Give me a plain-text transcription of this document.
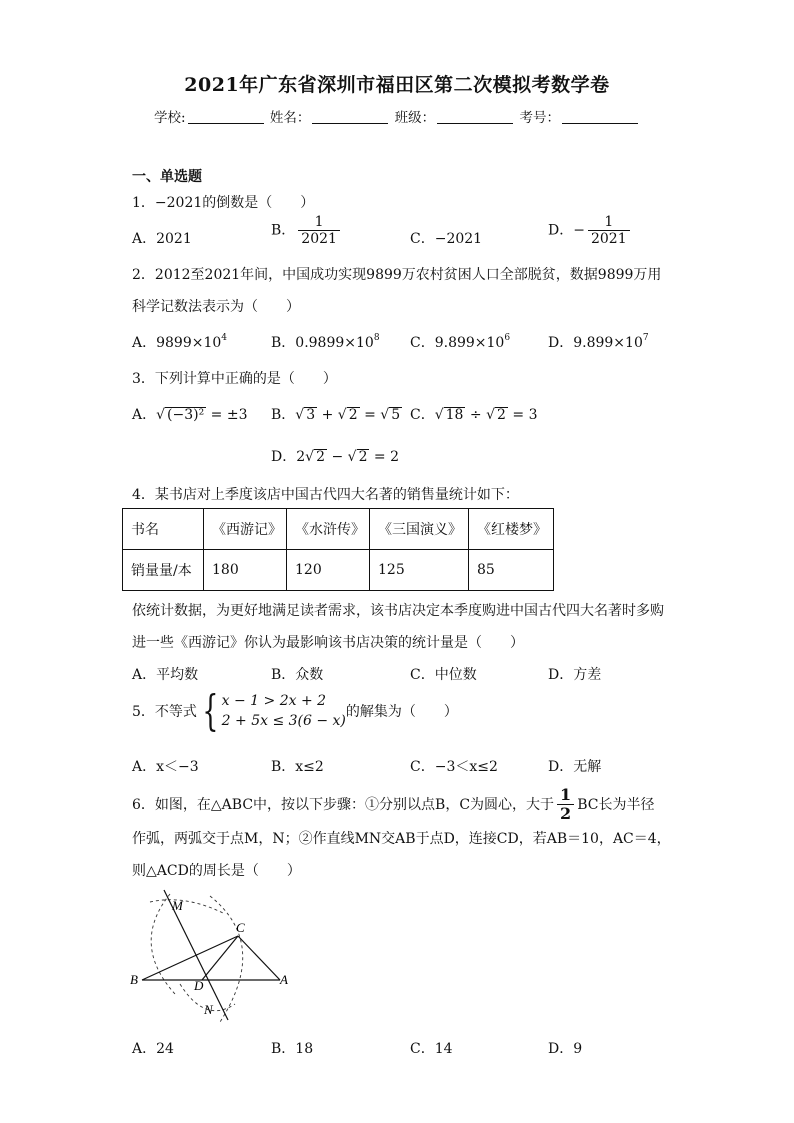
2021年广东省深圳市福田区第二次模拟考数学卷
学校:	姓名：	班级：	考号：
一、单选题
1．−2021的倒数是（　　）
A．2021
B． $\frac{1}{2021}$	C．−2021
D．− $\frac{1}{2021}$
2．2012至2021年间，中国成功实现9899万农村贫困人口全部脱贫，数据9899万用
科学记数法表示为（　　）
A．$9899\times 10^4$	B．$0.9899\times 10^8$ C．$9.899\times 10^6$	D．$9.899\times 10^7$
3．下列计算中正确的是（　　）
A．√ (−3)² = ±3 B．√ 3 + √ 2 = √ 5 C．√ 18 ÷ √ 2 = 3
D．2√ 2 − √ 2 = 2
4．某书店对上季度该店中国古代四大名著的销售量统计如下：
书名	《西游记》	《水浒传》	《三国演义》	《红楼梦》
销量量/本	180	120	125	85
依统计数据，为更好地满足读者需求，该书店决定本季度购进中国古代四大名著时多购
进一些《西游记》你认为最影响该书店决策的统计量是（　　）
A．平均数	B．众数	C．中位数	D．方差
5．不等式 { x − 1 > 2x + 2
2 + 5x ≤ 3(6 − x)
的解集为（　　）
A．x＜−3	B．x≤2	C．−3＜x≤2	D．无解
6．如图，在△ABC中，按以下步骤：①分别以点B，C为圆心，大于 $\frac{1}{2}$ BC长为半径
作弧，两弧交于点M，N；②作直线MN交AB于点D，连接CD，若AB＝10，AC＝4，
则△ACD的周长是（　　）
M
C
B	D	A
N
A．24	B．18	C．14	D．9
